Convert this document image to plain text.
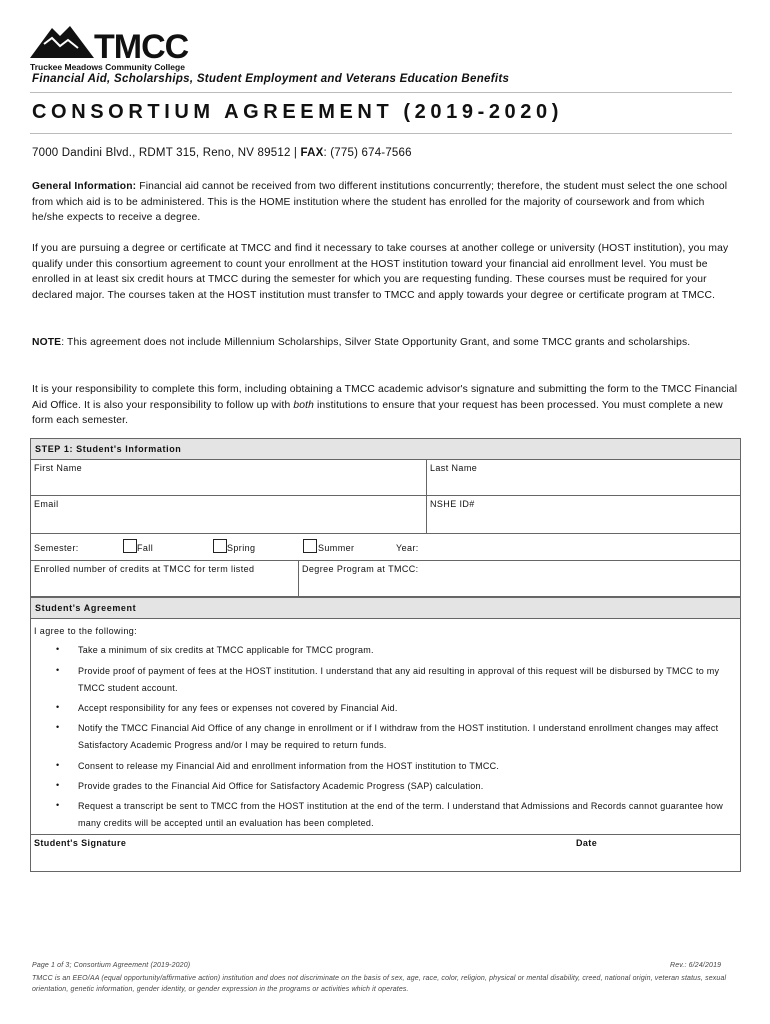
TMCC
Truckee Meadows Community College
Financial Aid, Scholarships, Student Employment and Veterans Education Benefits
CONSORTIUM AGREEMENT (2019-2020)
7000 Dandini Blvd., RDMT 315, Reno, NV 89512 | FAX: (775) 674-7566
General Information: Financial aid cannot be received from two different institutions concurrently; therefore, the student must select the one school from which aid is to be administered. This is the HOME institution where the student has enrolled for the majority of coursework and from which he/she expects to receive a degree.
If you are pursuing a degree or certificate at TMCC and find it necessary to take courses at another college or university (HOST institution), you may qualify under this consortium agreement to count your enrollment at the HOST institution toward your financial aid enrollment level. You must be enrolled in at least six credit hours at TMCC during the semester for which you are requesting funding. These courses must be required for your declared major. The courses taken at the HOST institution must transfer to TMCC and apply towards your degree or certificate program at TMCC.
NOTE: This agreement does not include Millennium Scholarships, Silver State Opportunity Grant, and some TMCC grants and scholarships.
It is your responsibility to complete this form, including obtaining a TMCC academic advisor's signature and submitting the form to the TMCC Financial Aid Office. It is also your responsibility to follow up with both institutions to ensure that your request has been processed. You must complete a new form each semester.
STEP 1: Student's Information
First Name	Last Name
Email	NSHE ID#
Semester:	Fall	Spring	Summer	Year:
Enrolled number of credits at TMCC for term listed	Degree Program at TMCC:
Student's Agreement
I agree to the following:
• Take a minimum of six credits at TMCC applicable for TMCC program.
• Provide proof of payment of fees at the HOST institution. I understand that any aid resulting in approval of this request will be disbursed by TMCC to my TMCC student account.
• Accept responsibility for any fees or expenses not covered by Financial Aid.
• Notify the TMCC Financial Aid Office of any change in enrollment or if I withdraw from the HOST institution. I understand enrollment changes may affect Satisfactory Academic Progress and/or I may be required to return funds.
• Consent to release my Financial Aid and enrollment information from the HOST institution to TMCC.
• Provide grades to the Financial Aid Office for Satisfactory Academic Progress (SAP) calculation.
• Request a transcript be sent to TMCC from the HOST institution at the end of the term. I understand that Admissions and Records cannot guarantee how many credits will be accepted until an evaluation has been completed.
Student's Signature	Date
Page 1 of 3; Consortium Agreement (2019-2020)	Rev.: 6/24/2019
TMCC is an EEO/AA (equal opportunity/affirmative action) institution and does not discriminate on the basis of sex, age, race, color, religion, physical or mental disability, creed, national origin, veteran status, sexual orientation, genetic information, gender identity, or gender expression in the programs or activities which it operates.
